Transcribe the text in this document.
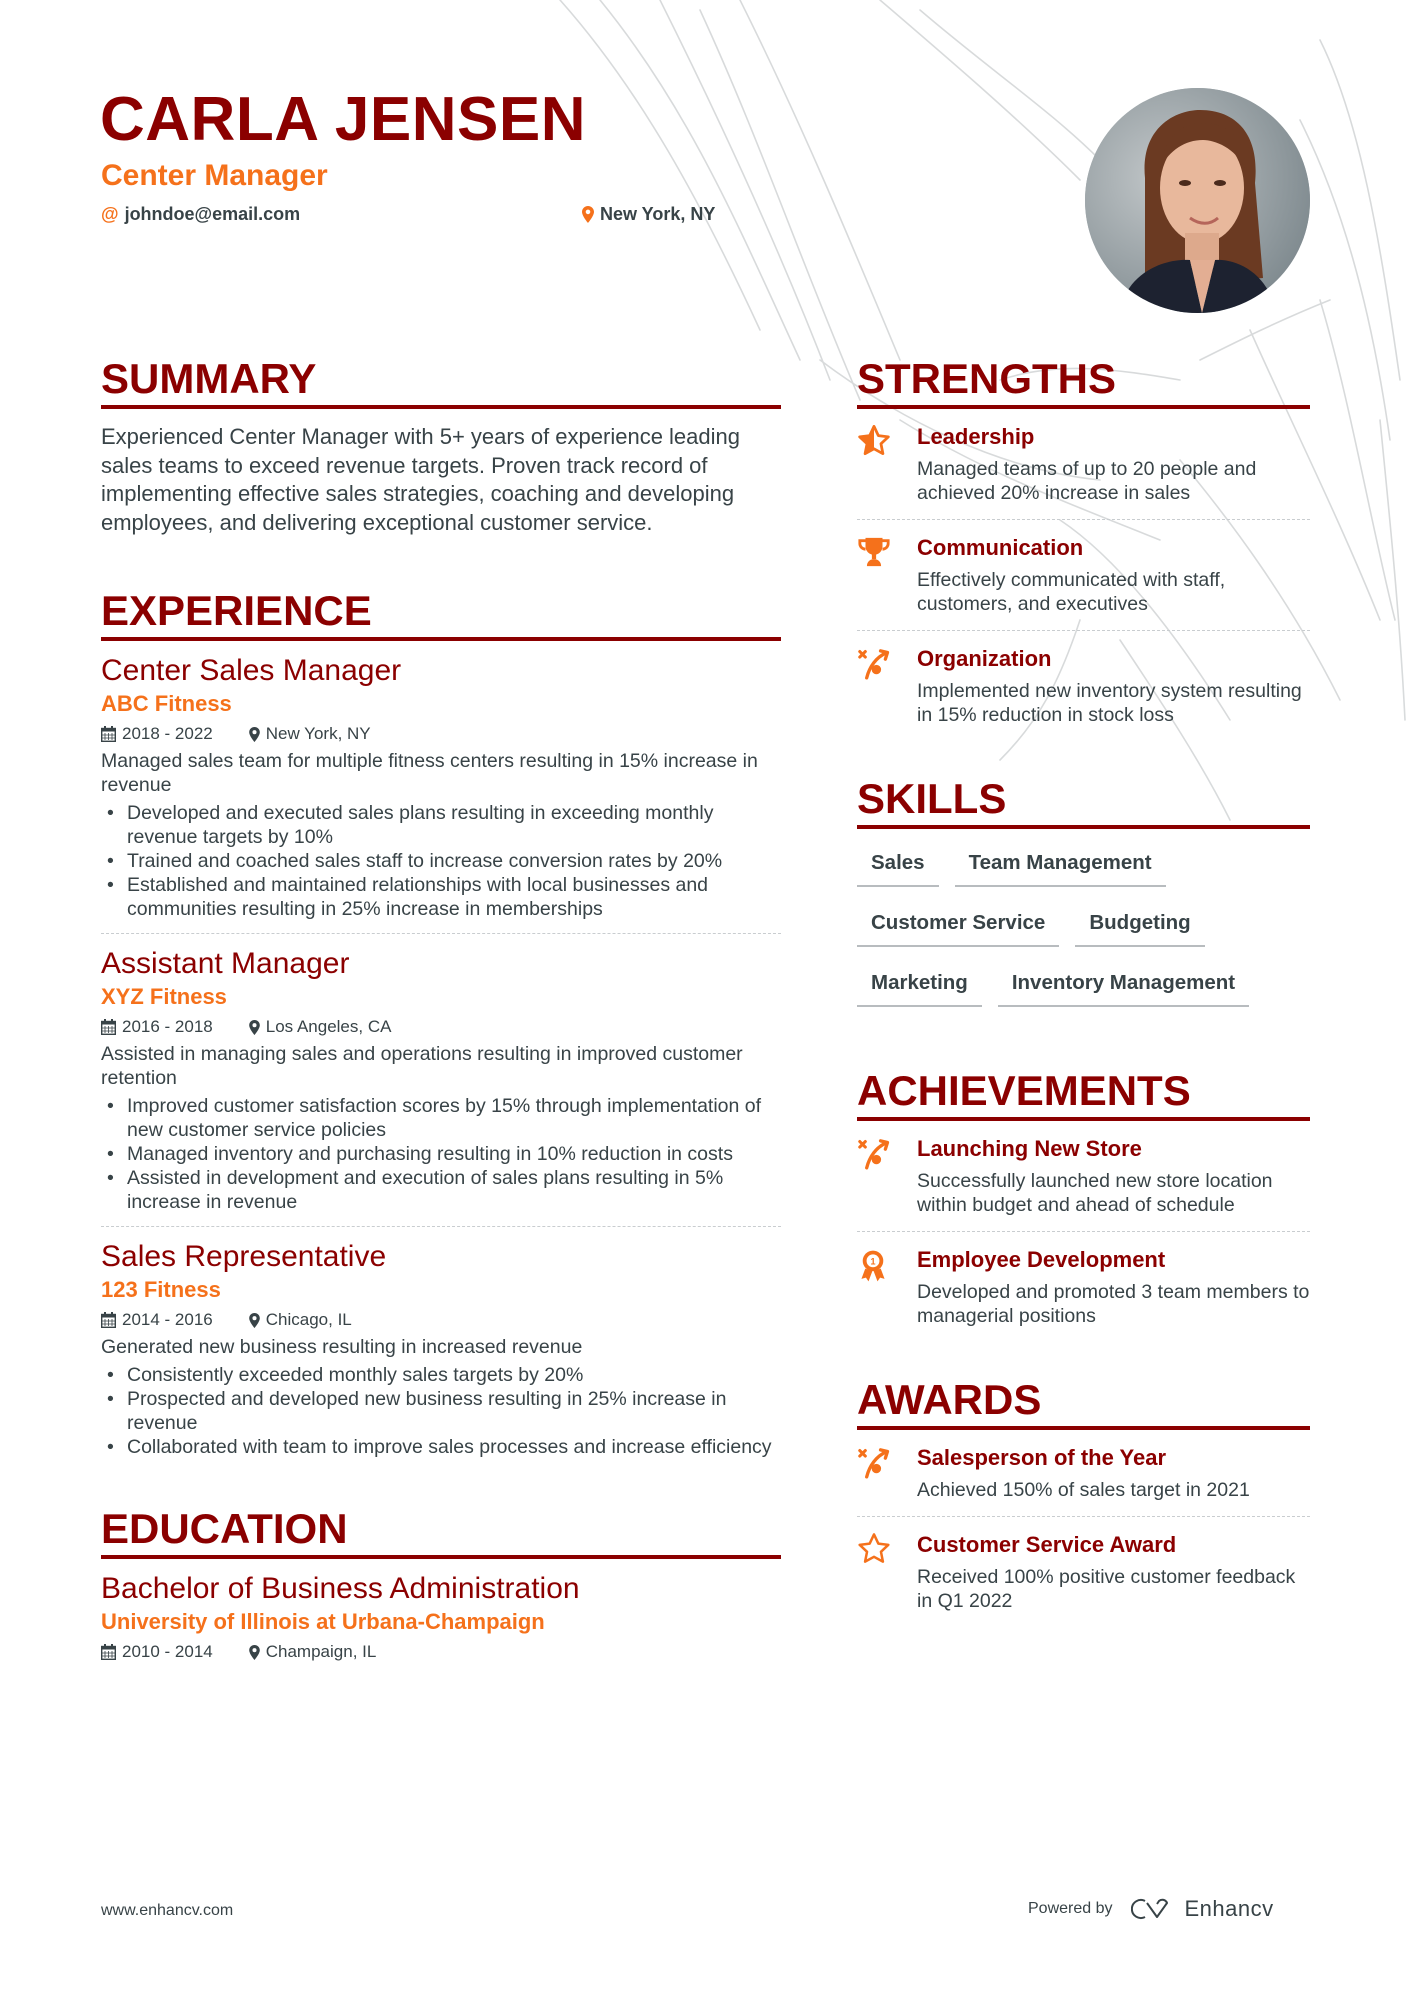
CARLA JENSEN
Center Manager
@ johndoe@email.com	New York, NY
SUMMARY

Experienced Center Manager with 5+ years of experience leading sales teams to exceed revenue targets. Proven track record of implementing effective sales strategies, coaching and developing employees, and delivering exceptional customer service.

EXPERIENCE
Center Sales Manager
ABC Fitness
2018 - 2022	New York, NY
Managed sales team for multiple fitness centers resulting in 15% increase in revenue
• Developed and executed sales plans resulting in exceeding monthly revenue targets by 10%
• Trained and coached sales staff to increase conversion rates by 20%
• Established and maintained relationships with local businesses and communities resulting in 25% increase in memberships
Assistant Manager
XYZ Fitness
2016 - 2018	Los Angeles, CA
Assisted in managing sales and operations resulting in improved customer retention
• Improved customer satisfaction scores by 15% through implementation of new customer service policies
• Managed inventory and purchasing resulting in 10% reduction in costs
• Assisted in development and execution of sales plans resulting in 5% increase in revenue
Sales Representative
123 Fitness
2014 - 2016	Chicago, IL
Generated new business resulting in increased revenue
• Consistently exceeded monthly sales targets by 20%
• Prospected and developed new business resulting in 25% increase in revenue
• Collaborated with team to improve sales processes and increase efficiency
EDUCATION
Bachelor of Business Administration
University of Illinois at Urbana-Champaign
2010 - 2014	Champaign, IL
STRENGTHS
Leadership
Managed teams of up to 20 people and achieved 20% increase in sales
Communication
Effectively communicated with staff, customers, and executives
Organization
Implemented new inventory system resulting in 15% reduction in stock loss
SKILLS
Sales	Team Management
Customer Service	Budgeting
Marketing	Inventory Management
ACHIEVEMENTS
Launching New Store
Successfully launched new store location within budget and ahead of schedule
1 Employee Development
Developed and promoted 3 team members to managerial positions
AWARDS
Salesperson of the Year
Achieved 150% of sales target in 2021
Customer Service Award
Received 100% positive customer feedback in Q1 2022
www.enhancv.com	Powered by	Enhancv
